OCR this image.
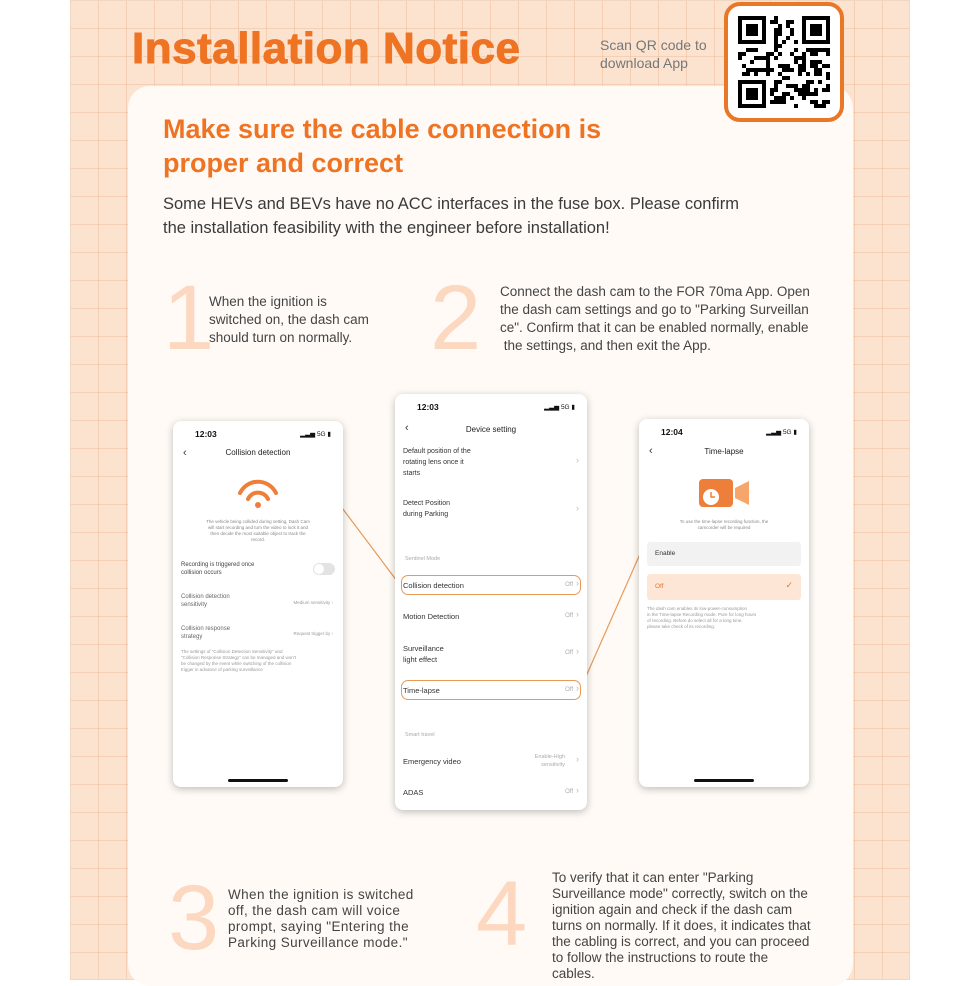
Installation Notice	Scan QR code to download App
Make sure the cable connection is
proper and correct
Some HEVs and BEVs have no ACC interfaces in the fuse box. Please confirm
the installation feasibility with the engineer before installation!
1
When the ignition is
switched on, the dash cam
should turn on normally. 2 Connect the dash cam to the FOR 70ma App. Open
the dash cam settings and go to "Parking Surveillan
ce". Confirm that it can be enabled normally, enable
the settings, and then exit the App.
12:03	▂▃▅ 5G ▮
‹	Collision detection
The vehicle being collided during setting, Dash Cam
will start recording and turn the video to lock it and
then decide the most suitable object to track the
record.
Recording is triggered once
collision occurs
Collision detection
sensitivity	Medium sensitivity ›
Collision response
strategy
Request trigger by ›
The settings of "Collision Detection Sensitivity" and
"Collision Response Strategy" can be managed and won't
be changed by the event while switching of the collision
trigger in advance of parking surveillance
12:03	▂▃▅ 5G ▮
‹	Device setting
Default position of the
rotating lens once it
starts
›
Detect Position
during Parking
›
Sentinel Mode
Collision detection	Off ›
Motion Detection	Off ›
Surveillance
light effect
Off ›
Time-lapse	Off ›
Smart travel
Emergency video	Enable-High
sensitivity
›
ADAS	Off ›
12:04	▂▃▅ 5G ▮
‹	Time-lapse
To use the time-lapse recording function, the
camcorder will be required
Enable
Off	✓
The dash cam enables its low-power-consumption
in the Time-lapse Recording mode. Pure for long hours
of recording. Before do select all for a long time,
please take check of its recording.
3 When the ignition is switched
off, the dash cam will voice
prompt, saying "Entering the
Parking Surveillance mode." 4 To verify that it can enter "Parking
Surveillance mode" correctly, switch on the
ignition again and check if the dash cam
turns on normally. If it does, it indicates that
the cabling is correct, and you can proceed
to follow the instructions to route the
cables.
